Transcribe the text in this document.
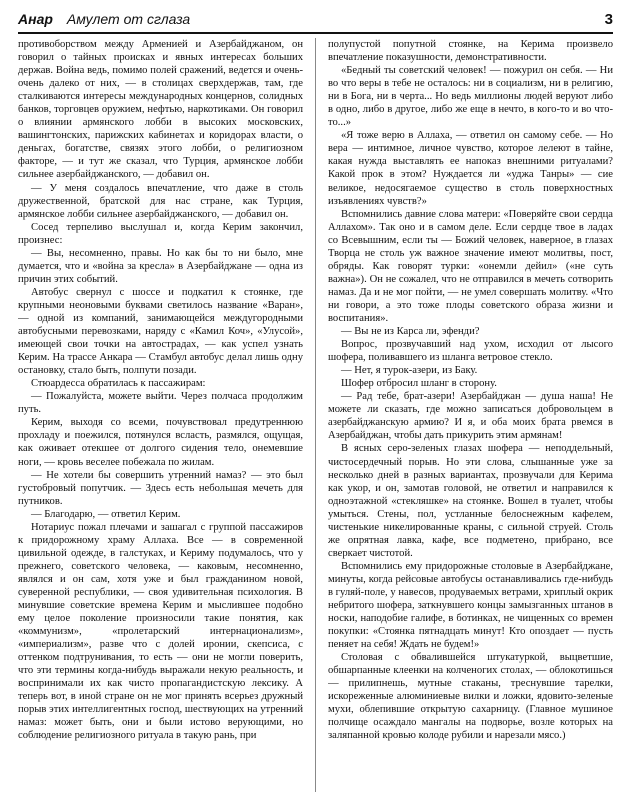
Анар Амулет от сглаза	3

противоборством между Арменией и Азербайджаном, он говорил о тайных происках и явных интересах больших держав. Война ведь, помимо полей сражений, ведется и очень-очень далеко от них, — в столицах сверхдержав, там, где сталкиваются интересы международных концернов, солидных банков, торговцев оружием, нефтью, наркотиками. Он говорил о влиянии армянского лобби в высоких московских, вашингтонских, парижских кабинетах и коридорах власти, о деньгах, богатстве, связях этого лобби, о религиозном факторе, — и тут же сказал, что Турция, армянское лобби сильнее азербайджанского, — добавил он.

— У меня создалось впечатление, что даже в столь дружественной, братской для нас стране, как Турция, армянское лобби сильнее азербайджанского, — добавил он.

Сосед терпеливо выслушал и, когда Керим закончил, произнес:

— Вы, несомненно, правы. Но как бы то ни было, мне думается, что и «война за кресла» в Азербайджане — одна из причин этих событий.

Автобус свернул с шоссе и подкатил к стоянке, где крупными неоновыми буквами светилось название «Варан», — одной из компаний, занимающейся междугородными автобусными перевозками, наряду с «Камил Коч», «Улусой», имеющей свои точки на автострадах, — как успел узнать Керим. На трассе Анкара — Стамбул автобус делал лишь одну остановку, стало быть, полпути позади.

Стюардесса обратилась к пассажирам:

— Пожалуйста, можете выйти. Через полчаса продолжим путь.

Керим, выходя со всеми, почувствовал предутреннюю прохладу и поежился, потянулся всласть, размялся, ощущая, как оживает отекшее от долгого сидения тело, онемевшие ноги, — кровь веселее побежала по жилам.

— Не хотели бы совершить утренний намаз? — это был густобровый попутчик. — Здесь есть небольшая мечеть для путников.

— Благодарю, — ответил Керим.

Нотариус пожал плечами и зашагал с группой пассажиров к придорожному храму Аллаха. Все — в современной цивильной одежде, в галстуках, и Кериму подумалось, что у прежнего, советского человека, — каковым, несомненно, являлся и он сам, хотя уже и был гражданином новой, суверенной республики, — своя удивительная психология. В минувшие советские времена Керим и мыслившее подобно ему целое поколение произносили такие понятия, как «коммунизм», «пролетарский интернационализм», «империализм», разве что с долей иронии, скепсиса, с оттенком подтрунивания, то есть — они не могли поверить, что эти термины когда-нибудь выражали некую реальность, и воспринимали их как чисто пропагандистскую лексику. А теперь вот, в иной стране он не мог принять всерьез дружный порыв этих интеллигентных господ, шествующих на утренний намаз: может быть, они и были истово верующими, но соблюдение религиозного ритуала в такую рань, при

полупустой попутной стоянке, на Керима произвело впечатление показушности, демонстративности.

«Бедный ты советский человек! — пожурил он себя. — Ни во что веры в тебе не осталось: ни в социализм, ни в религию, ни в Бога, ни в черта... Но ведь миллионы людей веруют либо в одно, либо в другое, либо же еще в нечто, в кого-то и во что-то...»

«Я тоже верю в Аллаха, — ответил он самому себе. — Но вера — интимное, личное чувство, которое лелеют в тайне, какая нужда выставлять ее напоказ внешними ритуалами? Какой прок в этом? Нуждается ли «уджа Танры» — сие великое, недосягаемое существо в столь поверхностных изъявлениях чувств?»

Вспомнились давние слова матери: «Поверяйте свои сердца Аллахом». Так оно и в самом деле. Если сердце твое в ладах со Всевышним, если ты — Божий человек, наверное, в глазах Творца не столь уж важное значение имеют молитвы, пост, обряды. Как говорят турки: «онемли дейил» («не суть важна»). Он не сожалел, что не отправился в мечеть сотворить намаз. Да и не мог пойти, — не умел совершать молитву. «Что ни говори, а это тоже плоды советского образа жизни и воспитания».

— Вы не из Карса ли, эфенди?

Вопрос, прозвучавший над ухом, исходил от лысого шофера, поливавшего из шланга ветровое стекло.

— Нет, я турок-азери, из Баку.

Шофер отбросил шланг в сторону.

— Рад тебе, брат-азери! Азербайджан — душа наша! Не можете ли сказать, где можно записаться добровольцем в азербайджанскую армию? И я, и оба моих брата рвемся в Азербайджан, чтобы дать прикурить этим армянам!

В ясных серо-зеленых глазах шофера — неподдельный, чистосердечный порыв. Но эти слова, слышанные уже за несколько дней в разных вариантах, прозвучали для Керима как укор, и он, замотав головой, не ответил и направился к одноэтажной «стекляшке» на стоянке. Вошел в туалет, чтобы умыться. Стены, пол, устланные белоснежным кафелем, чистенькие никелированные краны, с сильной струей. Столь же опрятная лавка, кафе, все подметено, прибрано, все сверкает чистотой.

Вспомнились ему придорожные столовые в Азербайджане, минуты, когда рейсовые автобусы останавливались где-нибудь в гуляй-поле, у навесов, продуваемых ветрами, хриплый окрик небритого шофера, заткнувшего концы замызганных штанов в носки, наподобие галифе, в ботинках, не чищенных со времен покупки: «Стоянка пятнадцать минут! Кто опоздает — пусть пеняет на себя! Ждать не будем!»

Столовая с обвалившейся штукатуркой, выцветшие, обшарпанные клеенки на колченогих столах, — облокотишься — прилипнешь, мутные стаканы, треснувшие тарелки, искореженные алюминиевые вилки и ложки, ядовито-зеленые мухи, облепившие открытую сахарницу. (Главное мушиное полчище осаждало мангалы на подворье, возле которых на заляпанной кровью колоде рубили и нарезали мясо.)
